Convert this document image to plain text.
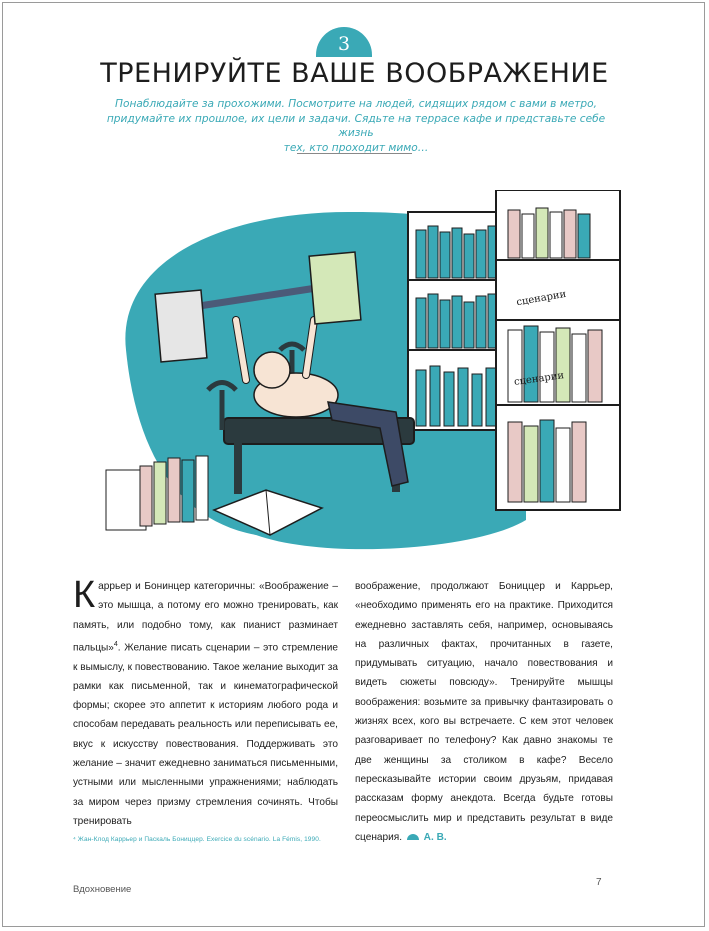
3
ТРЕНИРУЙТЕ ВАШЕ ВООБРАЖЕНИЕ
Понаблюдайте за прохожими. Посмотрите на людей, сидящих рядом с вами в метро,
придумайте их прошлое, их цели и задачи. Сядьте на террасе кафе и представьте себе жизнь
тех, кто проходит мимо…
сценарии
сценарии
Каррьер и Бонинцер категоричны: «Воображение – это мышца, а потому его можно тренировать, как память, или подобно тому, как пианист разминает пальцы»$^4$. Желание писать сценарии – это стремление к вымыслу, к повествованию. Такое желание выходит за рамки как письменной, так и кинематографической формы; скорее это аппетит к историям любого рода и способам передавать реальность или переписывать ее, вкус к искусству повествования. Поддерживать это желание – значит ежедневно заниматься письменными, устными или мысленными упражнениями; наблюдать за миром через призму стремления сочинять. Чтобы тренировать
воображение, продолжают Бониццер и Каррьер, «необходимо применять его на практике. Приходится ежедневно заставлять себя, например, основываясь на различных фактах, прочитанных в газете, придумывать ситуацию, начало повествования и видеть сюжеты повсюду». Тренируйте мышцы воображения: возьмите за привычку фантазировать о жизнях всех, кого вы встречаете. С кем этот человек разговаривает по телефону? Как давно знакомы те две женщины за столиком в кафе? Весело пересказывайте истории своим друзьям, придавая рассказам форму анекдота. Всегда будьте готовы переосмыслить мир и представить результат в виде сценария. А. В.
⁴ Жан-Клод Каррьер и Паскаль Бониццер. Exercice du scénario. La Fémis, 1990.
Вдохновение
7
